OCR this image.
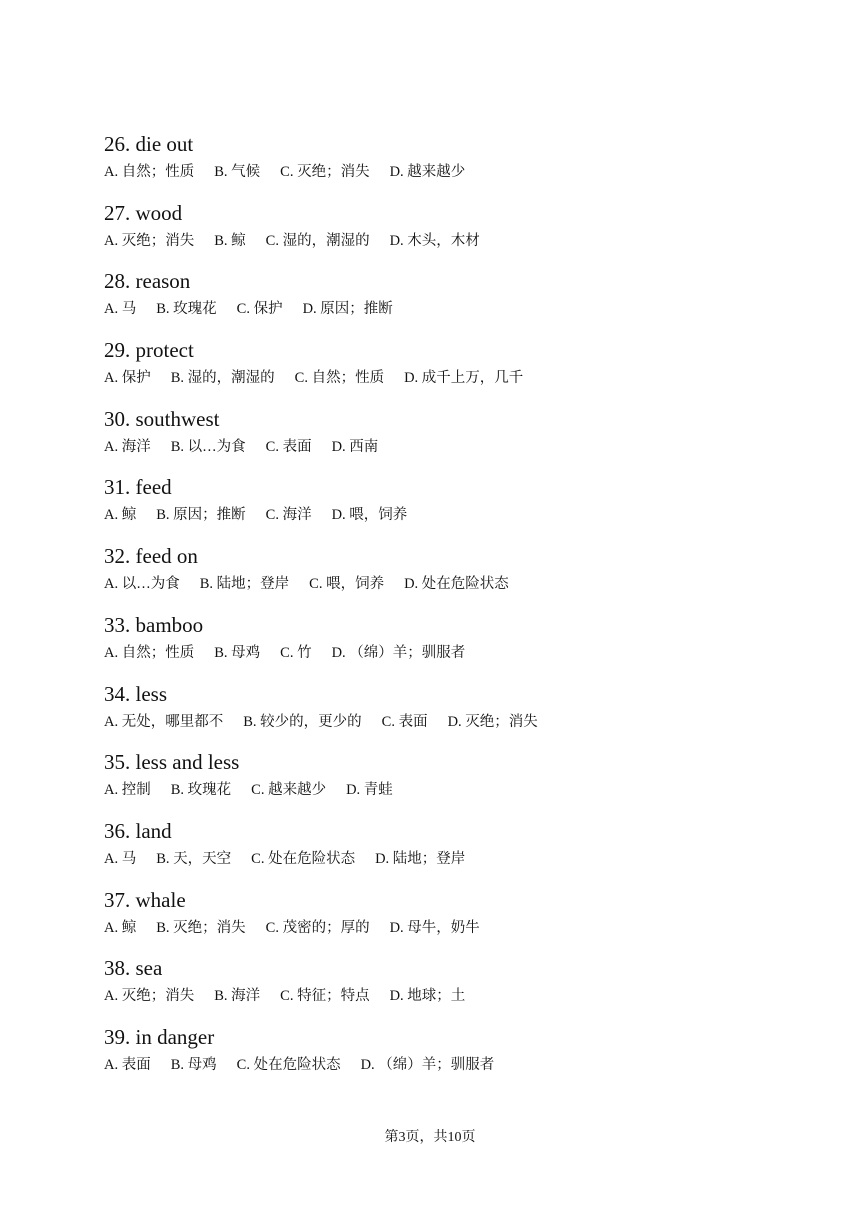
26. die out
A. 自然；性质 B. 气候 C. 灭绝；消失 D. 越来越少
27. wood
A. 灭绝；消失 B. 鲸 C. 湿的，潮湿的 D. 木头，木材
28. reason
A. 马 B. 玫瑰花 C. 保护 D. 原因；推断
29. protect
A. 保护 B. 湿的，潮湿的 C. 自然；性质 D. 成千上万，几千
30. southwest
A. 海洋 B. 以…为食 C. 表面 D. 西南
31. feed
A. 鲸 B. 原因；推断 C. 海洋 D. 喂，饲养
32. feed on
A. 以…为食 B. 陆地；登岸 C. 喂，饲养 D. 处在危险状态
33. bamboo
A. 自然；性质 B. 母鸡 C. 竹 D. （绵）羊；驯服者
34. less
A. 无处，哪里都不 B. 较少的，更少的 C. 表面 D. 灭绝；消失
35. less and less
A. 控制 B. 玫瑰花 C. 越来越少 D. 青蛙
36. land
A. 马 B. 天，天空 C. 处在危险状态 D. 陆地；登岸
37. whale
A. 鲸 B. 灭绝；消失 C. 茂密的；厚的 D. 母牛，奶牛
38. sea
A. 灭绝；消失 B. 海洋 C. 特征；特点 D. 地球；土
39. in danger
A. 表面 B. 母鸡 C. 处在危险状态 D. （绵）羊；驯服者
第3页，共10页
